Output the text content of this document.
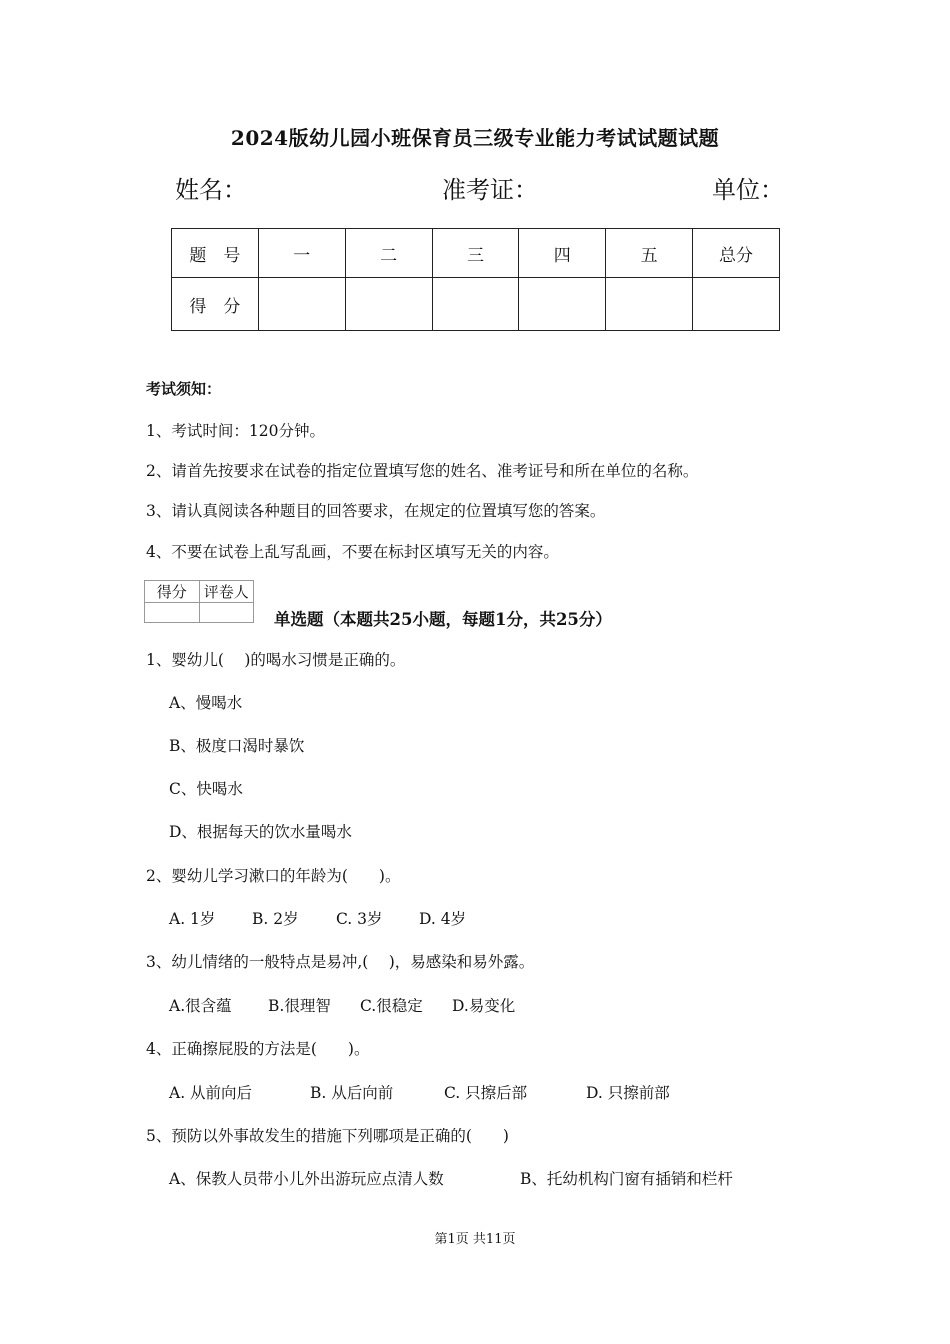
2024版幼儿园小班保育员三级专业能力考试试题试题
姓名：	准考证：	单位：
题　号	一	二	三	四	五	总分
得　分						
考试须知：
1、考试时间：120分钟。
2、请首先按要求在试卷的指定位置填写您的姓名、准考证号和所在单位的名称。
3、请认真阅读各种题目的回答要求，在规定的位置填写您的答案。
4、不要在试卷上乱写乱画，不要在标封区填写无关的内容。
得分	评卷人

单选题（本题共25小题，每题1分，共25分）
1、婴幼儿(　 )的喝水习惯是正确的。
A、慢喝水
B、极度口渴时暴饮
C、快喝水
D、根据每天的饮水量喝水
2、婴幼儿学习漱口的年龄为(　　)。
A. 1岁 B. 2岁 C. 3岁 D. 4岁
3、幼儿情绪的一般特点是易冲,(　 )，易感染和易外露。
A.很含蕴 B.很理智 C.很稳定 D.易变化
4、正确擦屁股的方法是(　　)。
A. 从前向后	B. 从后向前	C. 只擦后部	D. 只擦前部
5、预防以外事故发生的措施下列哪项是正确的(　　)
A、保教人员带小儿外出游玩应点清人数	B、托幼机构门窗有插销和栏杆
第1页 共11页
